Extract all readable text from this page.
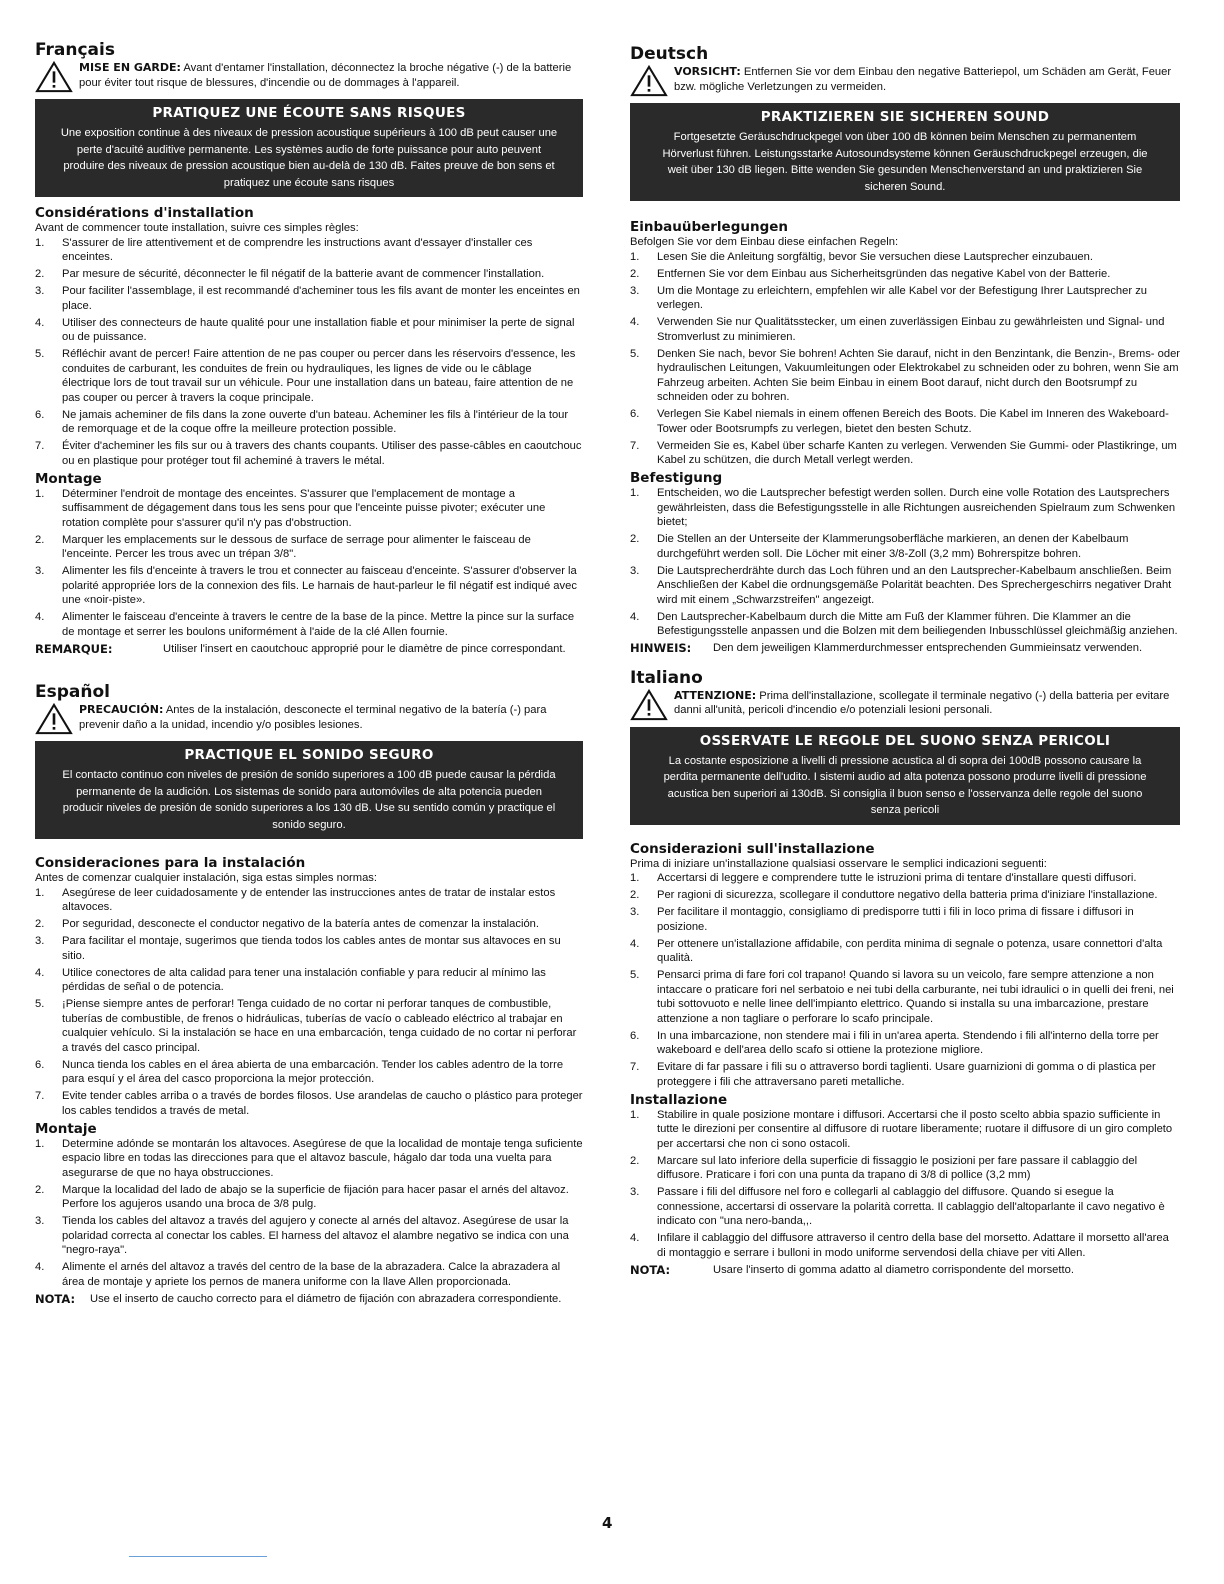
Français
MISE EN GARDE: Avant d'entamer l'installation, déconnectez la broche négative (-) de la batterie pour éviter tout risque de blessures, d'incendie ou de dommages à l'appareil.
PRATIQUEZ UNE ÉCOUTE SANS RISQUES
Une exposition continue à des niveaux de pression acoustique supérieurs à 100 dB peut causer une perte d'acuité auditive permanente. Les systèmes audio de forte puissance pour auto peuvent produire des niveaux de pression acoustique bien au-delà de 130 dB. Faites preuve de bon sens et pratiquez une écoute sans risques
Considérations d'installation

Avant de commencer toute installation, suivre ces simples règles:

1.	S'assurer de lire attentivement et de comprendre les instructions avant d'essayer d'installer ces enceintes.
2.	Par mesure de sécurité, déconnecter le fil négatif de la batterie avant de commencer l'installation.
3.	Pour faciliter l'assemblage, il est recommandé d'acheminer tous les fils avant de monter les enceintes en place.
4.	Utiliser des connecteurs de haute qualité pour une installation fiable et pour minimiser la perte de signal ou de puissance.
5.	Réfléchir avant de percer! Faire attention de ne pas couper ou percer dans les réservoirs d'essence, les conduites de carburant, les conduites de frein ou hydrauliques, les lignes de vide ou le câblage électrique lors de tout travail sur un véhicule. Pour une installation dans un bateau, faire attention de ne pas couper ou percer à travers la coque principale.
6.	Ne jamais acheminer de fils dans la zone ouverte d'un bateau. Acheminer les fils à l'intérieur de la tour de remorquage et de la coque offre la meilleure protection possible.
7.	Éviter d'acheminer les fils sur ou à travers des chants coupants. Utiliser des passe-câbles en caoutchouc ou en plastique pour protéger tout fil acheminé à travers le métal.
Montage
1.	Déterminer l'endroit de montage des enceintes. S'assurer que l'emplacement de montage a suffisamment de dégagement dans tous les sens pour que l'enceinte puisse pivoter; exécuter une rotation complète pour s'assurer qu'il n'y pas d'obstruction.
2.	Marquer les emplacements sur le dessous de surface de serrage pour alimenter le faisceau de l'enceinte. Percer les trous avec un trépan 3/8".
3.	Alimenter les fils d'enceinte à travers le trou et connecter au faisceau d'enceinte. S'assurer d'observer la polarité appropriée lors de la connexion des fils. Le harnais de haut-parleur le fil négatif est indiqué avec une «noir-piste».
4.	Alimenter le faisceau d'enceinte à travers le centre de la base de la pince. Mettre la pince sur la surface de montage et serrer les boulons uniformément à l'aide de la clé Allen fournie.
REMARQUE:	Utiliser l'insert en caoutchouc approprié pour le diamètre de pince correspondant.
Español
PRECAUCIÓN: Antes de la instalación, desconecte el terminal negativo de la batería (-) para prevenir daño a la unidad, incendio y/o posibles lesiones.
PRACTIQUE EL SONIDO SEGURO
El contacto continuo con niveles de presión de sonido superiores a 100 dB puede causar la pérdida permanente de la audición. Los sistemas de sonido para automóviles de alta potencia pueden producir niveles de presión de sonido superiores a los 130 dB. Use su sentido común y practique el sonido seguro.
Consideraciones para la instalación

Antes de comenzar cualquier instalación, siga estas simples normas:

1.	Asegúrese de leer cuidadosamente y de entender las instrucciones antes de tratar de instalar estos altavoces.
2.	Por seguridad, desconecte el conductor negativo de la batería antes de comenzar la instalación.
3.	Para facilitar el montaje, sugerimos que tienda todos los cables antes de montar sus altavoces en su sitio.
4.	Utilice conectores de alta calidad para tener una instalación confiable y para reducir al mínimo las pérdidas de señal o de potencia.
5.	¡Piense siempre antes de perforar! Tenga cuidado de no cortar ni perforar tanques de combustible, tuberías de combustible, de frenos o hidráulicas, tuberías de vacío o cableado eléctrico al trabajar en cualquier vehículo. Si la instalación se hace en una embarcación, tenga cuidado de no cortar ni perforar a través del casco principal.
6.	Nunca tienda los cables en el área abierta de una embarcación. Tender los cables adentro de la torre para esquí y el área del casco proporciona la mejor protección.
7.	Evite tender cables arriba o a través de bordes filosos. Use arandelas de caucho o plástico para proteger los cables tendidos a través de metal.
Montaje
1.	Determine adónde se montarán los altavoces. Asegúrese de que la localidad de montaje tenga suficiente espacio libre en todas las direcciones para que el altavoz bascule, hágalo dar toda una vuelta para asegurarse de que no haya obstrucciones.
2.	Marque la localidad del lado de abajo se la superficie de fijación para hacer pasar el arnés del altavoz. Perfore los agujeros usando una broca de 3/8 pulg.
3.	Tienda los cables del altavoz a través del agujero y conecte al arnés del altavoz. Asegúrese de usar la polaridad correcta al conectar los cables. El harness del altavoz el alambre negativo se indica con una "negro-raya".
4.	Alimente el arnés del altavoz a través del centro de la base de la abrazadera. Calce la abrazadera al área de montaje y apriete los pernos de manera uniforme con la llave Allen proporcionada.
NOTA:	Use el inserto de caucho correcto para el diámetro de fijación con abrazadera correspondiente.
Deutsch
VORSICHT: Entfernen Sie vor dem Einbau den negative Batteriepol, um Schäden am Gerät, Feuer bzw. mögliche Verletzungen zu vermeiden.
PRAKTIZIEREN SIE SICHEREN SOUND
Fortgesetzte Geräuschdruckpegel von über 100 dB können beim Menschen zu permanentem Hörverlust führen. Leistungsstarke Autosoundsysteme können Geräuschdruckpegel erzeugen, die weit über 130 dB liegen. Bitte wenden Sie gesunden Menschenverstand an und praktizieren Sie sicheren Sound.
Einbauüberlegungen

Befolgen Sie vor dem Einbau diese einfachen Regeln:

1.	Lesen Sie die Anleitung sorgfältig, bevor Sie versuchen diese Lautsprecher einzubauen.
2.	Entfernen Sie vor dem Einbau aus Sicherheitsgründen das negative Kabel von der Batterie.
3.	Um die Montage zu erleichtern, empfehlen wir alle Kabel vor der Befestigung Ihrer Lautsprecher zu verlegen.
4.	Verwenden Sie nur Qualitätsstecker, um einen zuverlässigen Einbau zu gewährleisten und Signal- und Stromverlust zu minimieren.
5.	Denken Sie nach, bevor Sie bohren! Achten Sie darauf, nicht in den Benzintank, die Benzin-, Brems- oder hydraulischen Leitungen, Vakuumleitungen oder Elektrokabel zu schneiden oder zu bohren, wenn Sie am Fahrzeug arbeiten. Achten Sie beim Einbau in einem Boot darauf, nicht durch den Bootsrumpf zu schneiden oder zu bohren.
6.	Verlegen Sie Kabel niemals in einem offenen Bereich des Boots. Die Kabel im Inneren des Wakeboard-Tower oder Bootsrumpfs zu verlegen, bietet den besten Schutz.
7.	Vermeiden Sie es, Kabel über scharfe Kanten zu verlegen. Verwenden Sie Gummi- oder Plastikringe, um Kabel zu schützen, die durch Metall verlegt werden.
Befestigung
1.	Entscheiden, wo die Lautsprecher befestigt werden sollen. Durch eine volle Rotation des Lautsprechers gewährleisten, dass die Befestigungsstelle in alle Richtungen ausreichenden Spielraum zum Schwenken bietet;
2.	Die Stellen an der Unterseite der Klammerungsoberfläche markieren, an denen der Kabelbaum durchgeführt werden soll. Die Löcher mit einer 3/8-Zoll (3,2 mm) Bohrerspitze bohren.
3.	Die Lautsprecherdrähte durch das Loch führen und an den Lautsprecher-Kabelbaum anschließen. Beim Anschließen der Kabel die ordnungsgemäße Polarität beachten. Des Sprechergeschirrs negativer Draht wird mit einem „Schwarzstreifen" angezeigt.
4.	Den Lautsprecher-Kabelbaum durch die Mitte am Fuß der Klammer führen. Die Klammer an die Befestigungsstelle anpassen und die Bolzen mit dem beiliegenden Inbusschlüssel gleichmäßig anziehen.
HINWEIS:	Den dem jeweiligen Klammerdurchmesser entsprechenden Gummieinsatz verwenden.
Italiano
ATTENZIONE: Prima dell'installazione, scollegate il terminale negativo (-) della batteria per evitare danni all'unità, pericoli d'incendio e/o potenziali lesioni personali.
OSSERVATE LE REGOLE DEL SUONO SENZA PERICOLI
La costante esposizione a livelli di pressione acustica al di sopra dei 100dB possono causare la perdita permanente dell'udito. I sistemi audio ad alta potenza possono produrre livelli di pressione acustica ben superiori ai 130dB. Si consiglia il buon senso e l'osservanza delle regole del suono senza pericoli
Considerazioni sull'installazione

Prima di iniziare un'installazione qualsiasi osservare le semplici indicazioni seguenti:

1.	Accertarsi di leggere e comprendere tutte le istruzioni prima di tentare d'installare questi diffusori.
2.	Per ragioni di sicurezza, scollegare il conduttore negativo della batteria prima d'iniziare l'installazione.
3.	Per facilitare il montaggio, consigliamo di predisporre tutti i fili in loco prima di fissare i diffusori in posizione.
4.	Per ottenere un'istallazione affidabile, con perdita minima di segnale o potenza, usare connettori d'alta qualità.
5.	Pensarci prima di fare fori col trapano! Quando si lavora su un veicolo, fare sempre attenzione a non intaccare o praticare fori nel serbatoio e nei tubi della carburante, nei tubi idraulici o in quelli dei freni, nei tubi sottovuoto e nelle linee dell'impianto elettrico. Quando si installa su una imbarcazione, prestare attenzione a non tagliare o perforare lo scafo principale.
6.	In una imbarcazione, non stendere mai i fili in un'area aperta. Stendendo i fili all'interno della torre per wakeboard e dell'area dello scafo si ottiene la protezione migliore.
7.	Evitare di far passare i fili su o attraverso bordi taglienti. Usare guarnizioni di gomma o di plastica per proteggere i fili che attraversano pareti metalliche.
Installazione
1.	Stabilire in quale posizione montare i diffusori. Accertarsi che il posto scelto abbia spazio sufficiente in tutte le direzioni per consentire al diffusore di ruotare liberamente; ruotare il diffusore di un giro completo per accertarsi che non ci sono ostacoli.
2.	Marcare sul lato inferiore della superficie di fissaggio le posizioni per fare passare il cablaggio del diffusore. Praticare i fori con una punta da trapano di 3/8 di pollice (3,2 mm)
3.	Passare i fili del diffusore nel foro e collegarli al cablaggio del diffusore. Quando si esegue la connessione, accertarsi di osservare la polarità corretta. Il cablaggio dell'altoparlante il cavo negativo è indicato con "una nero-banda,,.
4.	Infilare il cablaggio del diffusore attraverso il centro della base del morsetto. Adattare il morsetto all'area di montaggio e serrare i bulloni in modo uniforme servendosi della chiave per viti Allen.
NOTA:	Usare l'inserto di gomma adatto al diametro corrispondente del morsetto.
4
